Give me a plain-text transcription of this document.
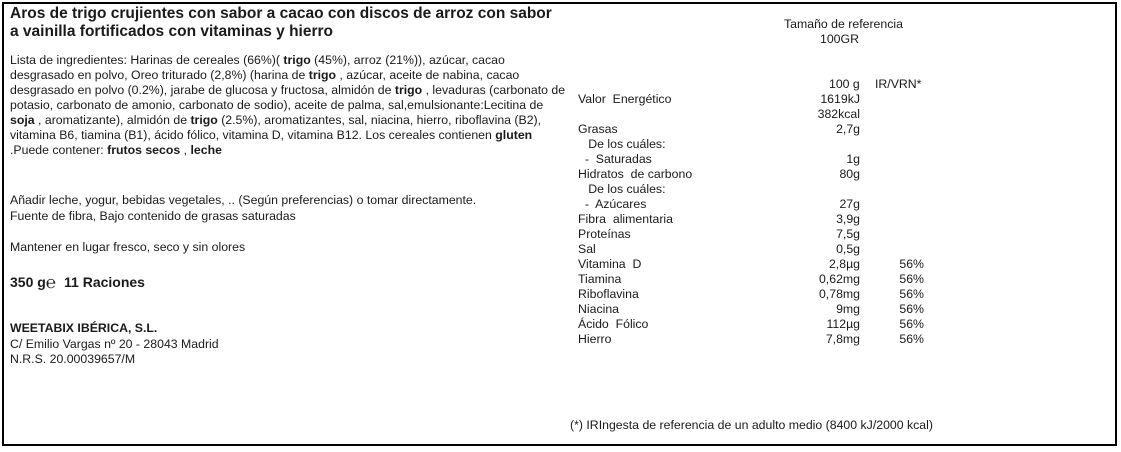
Aros de trigo crujientes con sabor a cacao con discos de arroz con sabor a vainilla fortificados con vitaminas y hierro
Lista de ingredientes: Harinas de cereales (66%)( trigo (45%), arroz (21%)), azúcar, cacao desgrasado en polvo, Oreo triturado (2,8%) (harina de trigo , azúcar, aceite de nabina, cacao desgrasado en polvo (0.2%), jarabe de glucosa y fructosa, almidón de trigo , levaduras (carbonato de potasio, carbonato de amonio, carbonato de sodio), aceite de palma, sal,emulsionante:Lecitina de soja , aromatizante), almidón de trigo (2.5%), aromatizantes, sal, niacina, hierro, riboflavina (B2), vitamina B6, tiamina (B1), ácido fólico, vitamina D, vitamina B12. Los cereales contienen gluten .Puede contener: frutos secos , leche
Añadir leche, yogur, bebidas vegetales, .. (Según preferencias) o tomar directamente.
Fuente de fibra, Bajo contenido de grasas saturadas
Mantener en lugar fresco, seco y sin olores
350 g℮ 11 Raciones
WEETABIX IBÉRICA, S.L.
C/ Emilio Vargas nº 20 - 28043 Madrid
N.R.S. 20.00039657/M
Tamaño de referencia
100GR
100 g IR/VRN*
Valor  Energético	1619kJ
382kcal
Grasas	2,7g
De los cuáles:
-  Saturadas	1g
Hidratos  de carbono	80g
De los cuáles:
-  Azúcares	27g
Fibra  alimentaria	3,9g
Proteínas	7,5g
Sal	0,5g
Vitamina  D	2,8µg	56%
Tiamina	0,62mg	56%
Riboflavina	0,78mg	56%
Niacina	9mg	56%
Ácido  Fólico	112µg	56%
Hierro	7,8mg	56%
(*) IRIngesta de referencia de un adulto medio (8400 kJ/2000 kcal)
